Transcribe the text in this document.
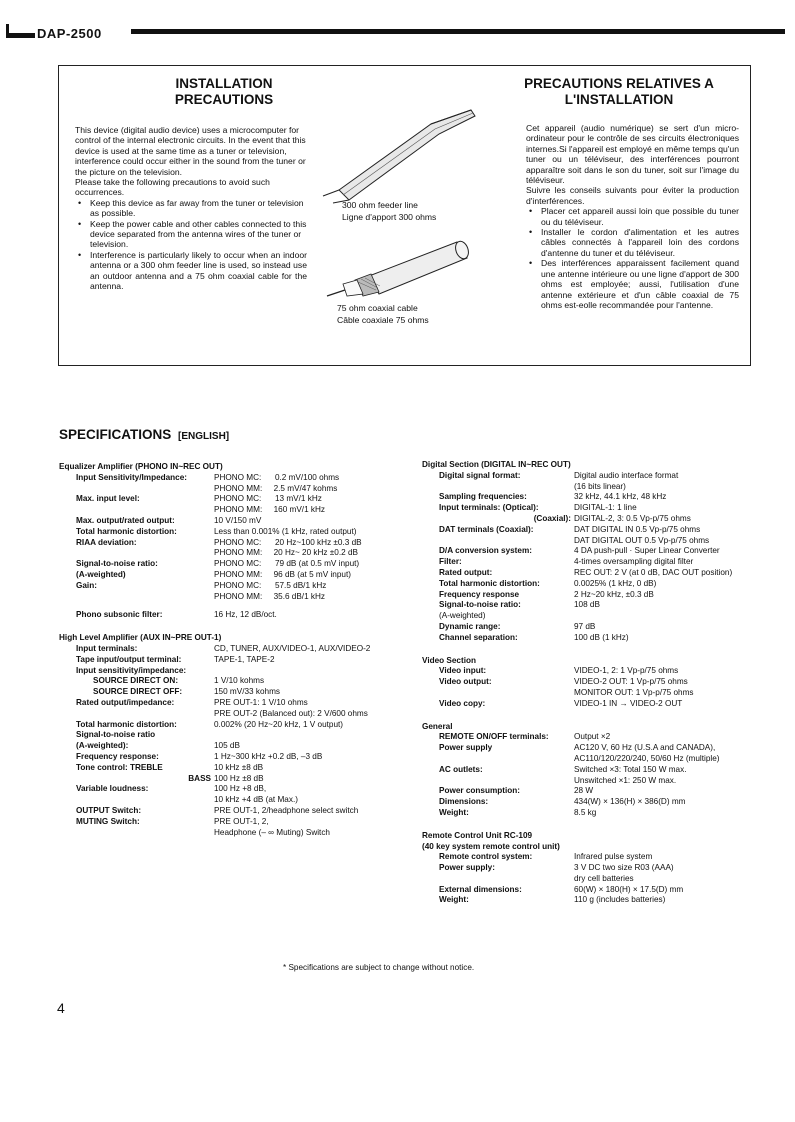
DAP-2500
INSTALLATION
PRECAUTIONS
PRECAUTIONS RELATIVES A
L'INSTALLATION

This device (digital audio device) uses a microcomputer for control of the internal electronic circuits. In the event that this device is used at the same time as a tuner or television, interference could occur either in the sound from the tuner or the picture on the television.

Please take the following precautions to avoid such occurrences.

• Keep this device as far away from the tuner or television as possible.
• Keep the power cable and other cables connected to this device separated from the antenna wires of the tuner or television.
• Interference is particularly likely to occur when an indoor antenna or a 300 ohm feeder line is used, so instead use an outdoor antenna and a 75 ohm coaxial cable for the antenna.
300 ohm feeder line
Ligne d'apport 300 ohms
75 ohm coaxial cable
Câble coaxiale 75 ohms

Cet appareil (audio numérique) se sert d'un micro-ordinateur pour le contrôle de ses circuits électroniques internes.Si l'appareil est employé en même temps qu'un tuner ou un téléviseur, des interférences pourront apparaître soit dans le son du tuner, soit sur l'image du téléviseur.

Suivre les conseils suivants pour éviter la production d'interférences.

• Placer cet appareil aussi loin que possible du tuner ou du téléviseur.
• Installer le cordon d'alimentation et les autres câbles connectés à l'appareil loin des cordons d'antenne du tuner et du téléviseur.
• Des interférences apparaissent facilement quand une antenne intérieure ou une ligne d'apport de 300 ohms est employée; aussi, l'utilisation d'une antenne extérieure et d'un câble coaxial de 75 ohms est-eolle recommandée pour l'antenne.
SPECIFICATIONS [ENGLISH]
Equalizer Amplifier (PHONO IN~REC OUT)	
Input Sensitivity/Impedance:	PHONO MC:      0.2 mV/100 ohms
	PHONO MM:     2.5 mV/47 kohms
Max. input level:	PHONO MC:      13 mV/1 kHz
	PHONO MM:     160 mV/1 kHz
Max. output/rated output:	10 V/150 mV
Total harmonic distortion:	Less than 0.001% (1 kHz, rated output)
RIAA deviation:	PHONO MC:      20 Hz~100 kHz ±0.3 dB
	PHONO MM:     20 Hz~ 20 kHz ±0.2 dB
Signal-to-noise ratio:	PHONO MC:      79 dB (at 0.5 mV input)
(A-weighted)	PHONO MM:     96 dB (at 5 mV input)
Gain:	PHONO MC:      57.5 dB/1 kHz
	PHONO MM:     35.6 dB/1 kHz

Phono subsonic filter:	16 Hz, 12 dB/oct.

High Level Amplifier (AUX IN~PRE OUT-1)	
Input terminals:	CD, TUNER, AUX/VIDEO-1, AUX/VIDEO-2
Tape input/output terminal:	TAPE-1, TAPE-2
Input sensitivity/impedance:	
SOURCE DIRECT ON:	1 V/10 kohms
SOURCE DIRECT OFF:	150 mV/33 kohms
Rated output/impedance:	PRE OUT-1: 1 V/10 ohms
	PRE OUT-2 (Balanced out): 2 V/600 ohms
Total harmonic distortion:	0.002% (20 Hz~20 kHz, 1 V output)
Signal-to-noise ratio	
(A-weighted):	105 dB
Frequency response:	1 Hz~300 kHz +0.2 dB, –3 dB
Tone control: TREBLE	10 kHz ±8 dB
BASS	100 Hz ±8 dB
Variable loudness:	100 Hz +8 dB,
	10 kHz +4 dB (at Max.)
OUTPUT Switch:	PRE OUT-1, 2/headphone select switch
MUTING Switch:	PRE OUT-1, 2,
	Headphone (– ∞ Muting) Switch
Digital Section (DIGITAL IN~REC OUT)	
Digital signal format:	Digital audio interface format
	(16 bits linear)
Sampling frequencies:	32 kHz, 44.1 kHz, 48 kHz
Input terminals: (Optical):	DIGITAL-1: 1 line
(Coaxial):	DIGITAL-2, 3: 0.5 Vp-p/75 ohms
DAT terminals (Coaxial):	DAT DIGITAL IN 0.5 Vp-p/75 ohms
	DAT DIGITAL OUT 0.5 Vp-p/75 ohms
D/A conversion system:	4 DA push-pull · Super Linear Converter
Filter:	4-times oversampling digital filter
Rated output:	REC OUT: 2 V (at 0 dB, DAC OUT position)
Total harmonic distortion:	0.0025% (1 kHz, 0 dB)
Frequency response	2 Hz~20 kHz, ±0.3 dB
Signal-to-noise ratio:	108 dB
(A-weighted)	
Dynamic range:	97 dB
Channel separation:	100 dB (1 kHz)

Video Section	
Video input:	VIDEO-1, 2: 1 Vp-p/75 ohms
Video output:	VIDEO-2 OUT: 1 Vp-p/75 ohms
	MONITOR OUT: 1 Vp-p/75 ohms
Video copy:	VIDEO-1 IN → VIDEO-2 OUT

General	
REMOTE ON/OFF terminals:	Output ×2
Power supply	AC120 V, 60 Hz (U.S.A and CANADA),
	AC110/120/220/240, 50/60 Hz (multiple)
AC outlets:	Switched ×3: Total 150 W max.
	Unswitched ×1: 250 W max.
Power consumption:	28 W
Dimensions:	434(W) × 136(H) × 386(D) mm
Weight:	8.5 kg

Remote Control Unit RC-109	
(40 key system remote control unit)	
Remote control system:	Infrared pulse system
Power supply:	3 V DC two size R03 (AAA)
	dry cell batteries
External dimensions:	60(W) × 180(H) × 17.5(D) mm
Weight:	110 g (includes batteries)
* Specifications are subject to change without notice.
4
